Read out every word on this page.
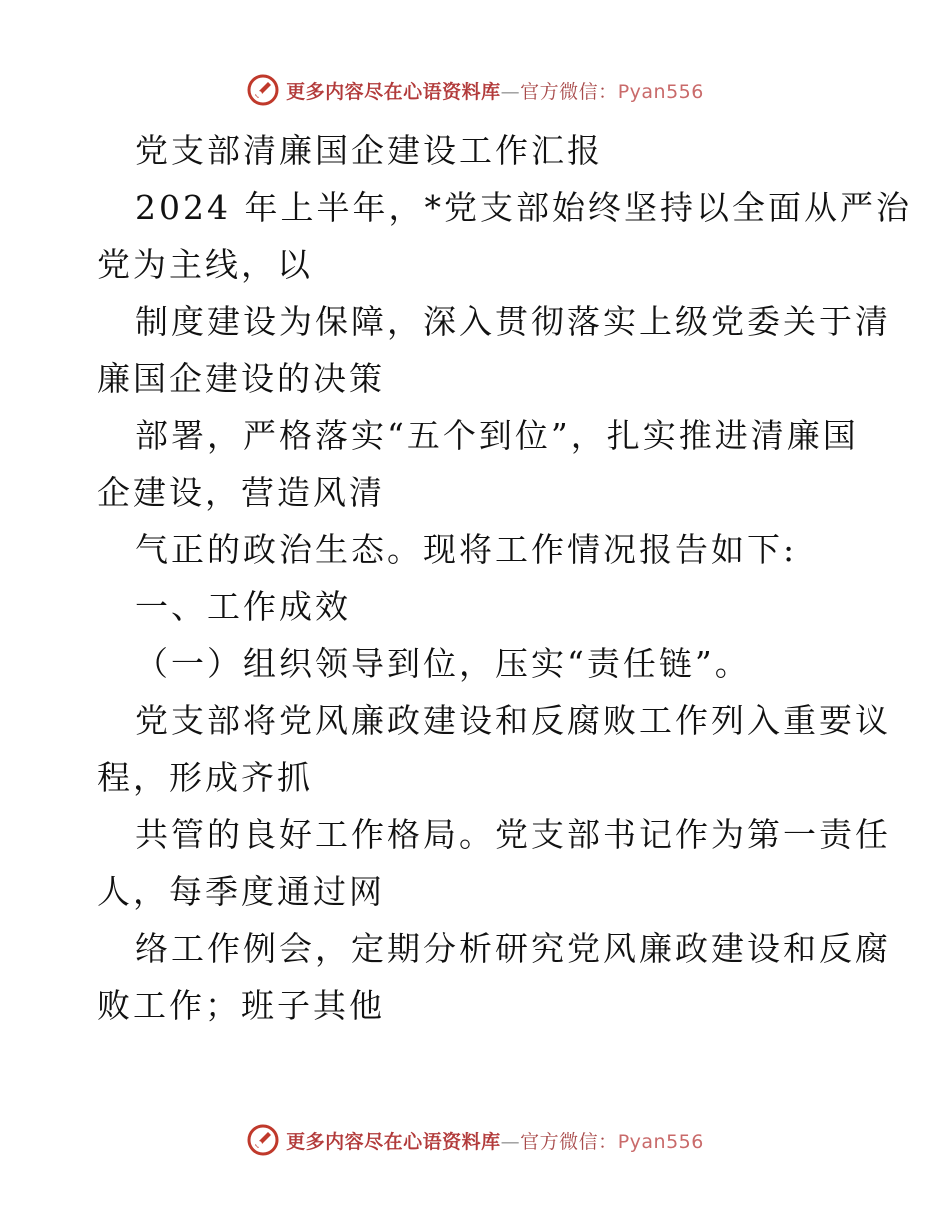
更多内容尽在心语资料库—官方微信：Pyan556
党支部清廉国企建设工作汇报
2024 年上半年，*党支部始终坚持以全面从严治
党为主线，以
制度建设为保障，深入贯彻落实上级党委关于清
廉国企建设的决策
部署，严格落实“五个到位”，扎实推进清廉国
企建设，营造风清
气正的政治生态。现将工作情况报告如下:
一、工作成效
（一）组织领导到位，压实“责任链”。
党支部将党风廉政建设和反腐败工作列入重要议
程，形成齐抓
共管的良好工作格局。党支部书记作为第一责任
人，每季度通过网
络工作例会，定期分析研究党风廉政建设和反腐
败工作；班子其他
更多内容尽在心语资料库—官方微信：Pyan556
